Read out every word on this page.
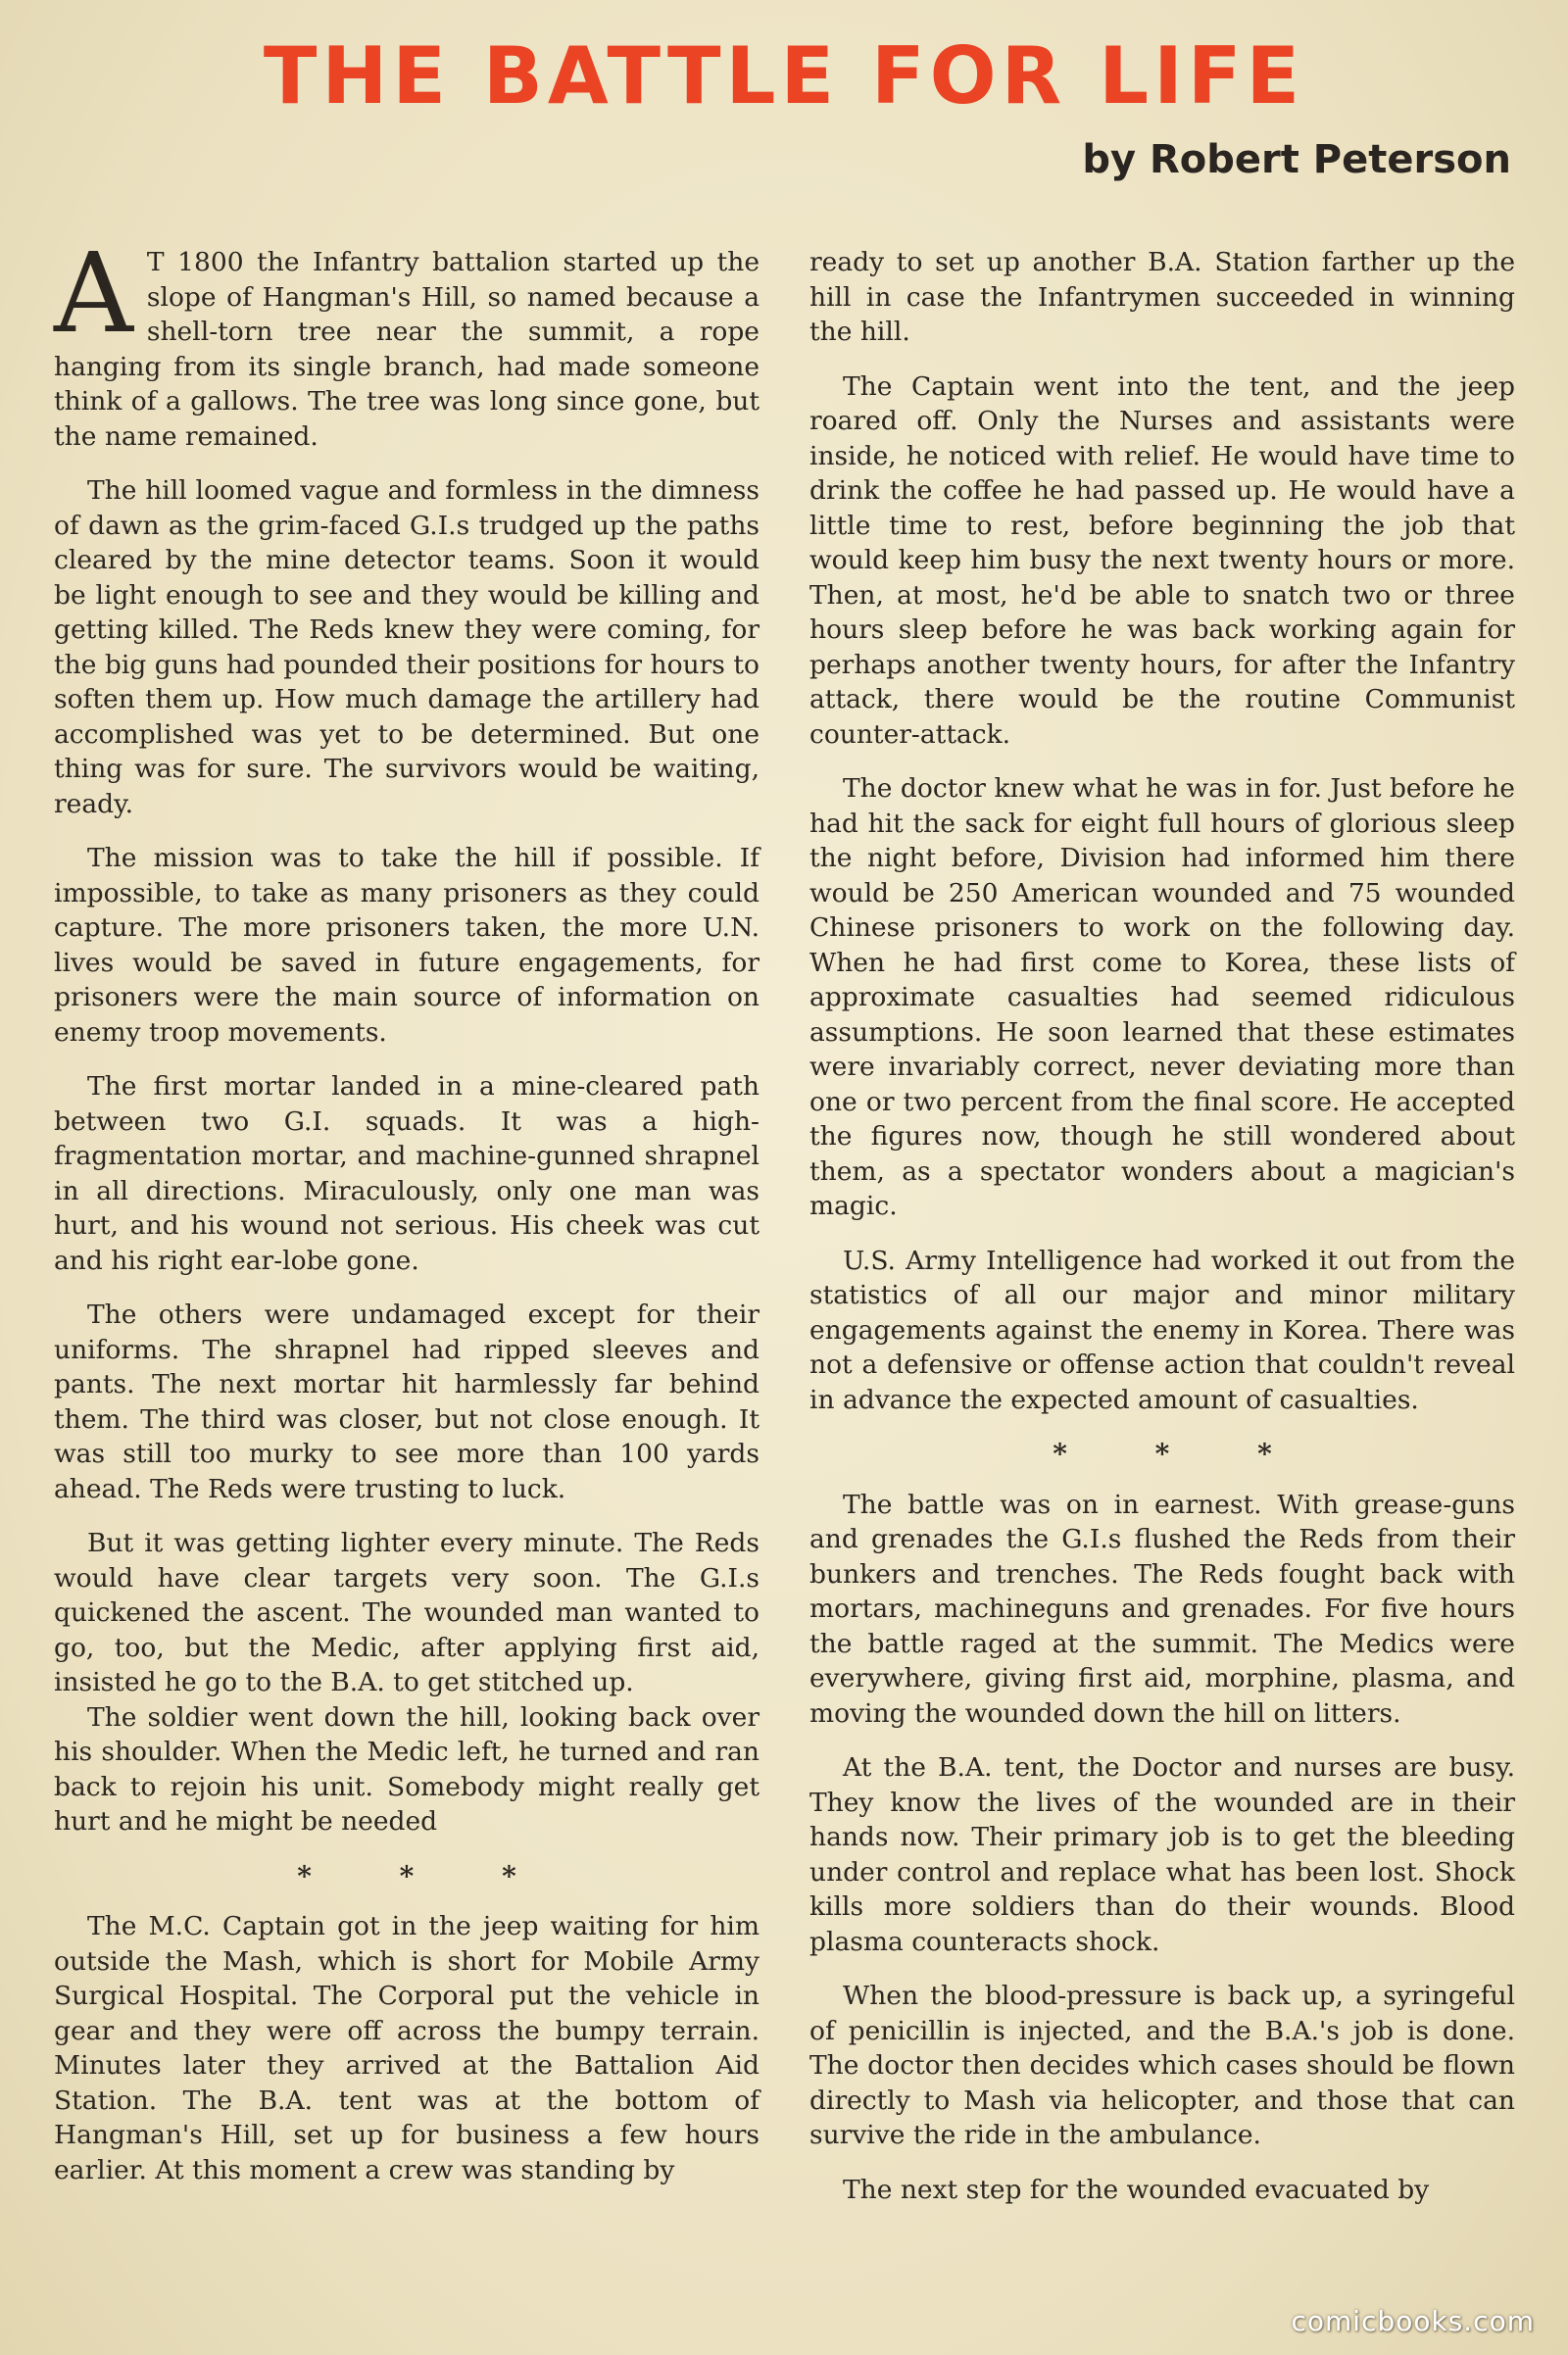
THE BATTLE FOR LIFE
by Robert Peterson

A T 1800 the Infantry battalion started up the slope of Hangman's Hill, so named because a shell-torn tree near the summit, a rope hanging from its single branch, had made someone think of a gallows. The tree was long since gone, but the name remained.

The hill loomed vague and formless in the dimness of dawn as the grim-faced G.I.s trudged up the paths cleared by the mine detector teams. Soon it would be light enough to see and they would be killing and getting killed. The Reds knew they were coming, for the big guns had pounded their positions for hours to soften them up. How much damage the artillery had accomplished was yet to be determined. But one thing was for sure. The survivors would be waiting, ready.

The mission was to take the hill if possible. If impossible, to take as many prisoners as they could capture. The more prisoners taken, the more U.N. lives would be saved in future engagements, for prisoners were the main source of information on enemy troop movements.

The first mortar landed in a mine-cleared path between two G.I. squads. It was a high-fragmentation mortar, and machine-gunned shrapnel in all directions. Miraculously, only one man was hurt, and his wound not serious. His cheek was cut and his right ear-lobe gone.

The others were undamaged except for their uniforms. The shrapnel had ripped sleeves and pants. The next mortar hit harmlessly far behind them. The third was closer, but not close enough. It was still too murky to see more than 100 yards ahead. The Reds were trusting to luck.

But it was getting lighter every minute. The Reds would have clear targets very soon. The G.I.s quickened the ascent. The wounded man wanted to go, too, but the Medic, after applying first aid, insisted he go to the B.A. to get stitched up.

The soldier went down the hill, looking back over his shoulder. When the Medic left, he turned and ran back to rejoin his unit. Somebody might really get hurt and he might be needed

* * *

The M.C. Captain got in the jeep waiting for him outside the Mash, which is short for Mobile Army Surgical Hospital. The Corporal put the vehicle in gear and they were off across the bumpy terrain. Minutes later they arrived at the Battalion Aid Station. The B.A. tent was at the bottom of Hangman's Hill, set up for business a few hours earlier. At this moment a crew was standing by

ready to set up another B.A. Station farther up the hill in case the Infantrymen succeeded in winning the hill.

The Captain went into the tent, and the jeep roared off. Only the Nurses and assistants were inside, he noticed with relief. He would have time to drink the coffee he had passed up. He would have a little time to rest, before beginning the job that would keep him busy the next twenty hours or more. Then, at most, he'd be able to snatch two or three hours sleep before he was back working again for perhaps another twenty hours, for after the Infantry attack, there would be the routine Communist counter-attack.

The doctor knew what he was in for. Just before he had hit the sack for eight full hours of glorious sleep the night before, Division had informed him there would be 250 American wounded and 75 wounded Chinese prisoners to work on the following day. When he had first come to Korea, these lists of approximate casualties had seemed ridiculous assumptions. He soon learned that these estimates were invariably correct, never deviating more than one or two percent from the final score. He accepted the figures now, though he still wondered about them, as a spectator wonders about a magician's magic.

U.S. Army Intelligence had worked it out from the statistics of all our major and minor military engagements against the enemy in Korea. There was not a defensive or offense action that couldn't reveal in advance the expected amount of casualties.

* * *

The battle was on in earnest. With grease-guns and grenades the G.I.s flushed the Reds from their bunkers and trenches. The Reds fought back with mortars, machineguns and grenades. For five hours the battle raged at the summit. The Medics were everywhere, giving first aid, morphine, plasma, and moving the wounded down the hill on litters.

At the B.A. tent, the Doctor and nurses are busy. They know the lives of the wounded are in their hands now. Their primary job is to get the bleeding under control and replace what has been lost. Shock kills more soldiers than do their wounds. Blood plasma counteracts shock.

When the blood-pressure is back up, a syringeful of penicillin is injected, and the B.A.'s job is done. The doctor then decides which cases should be flown directly to Mash via helicopter, and those that can survive the ride in the ambulance.

The next step for the wounded evacuated by

comicbooks.com
